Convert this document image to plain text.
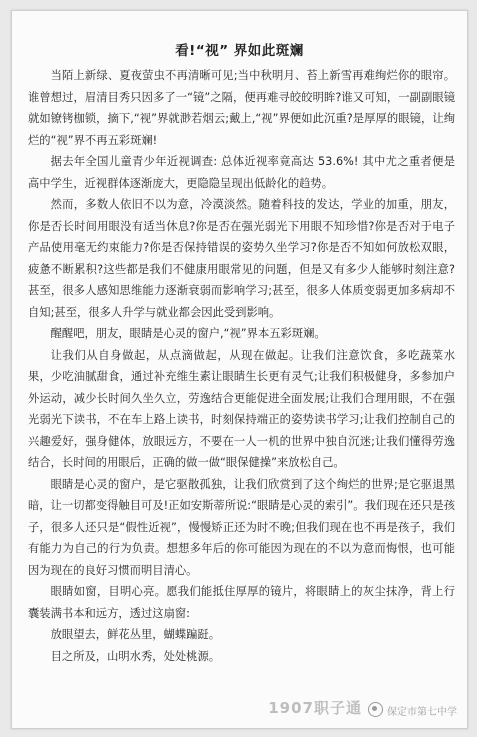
看!“视” 界如此斑斓

当陌上新绿、夏夜萤虫不再清晰可见;当中秋明月、苔上新雪再难绚烂你的眼帘。谁曾想过，眉清目秀只因多了一“镜”之隔，便再难寻皎皎明眸?谁又可知，一副副眼镜就如镣铐枷锁，摘下,“视”界就渺若烟云;戴上,“视”界便如此沉重?是厚厚的眼镜，让绚烂的“视”界不再五彩斑斓!

据去年全国儿童青少年近视调查: 总体近视率竟高达 53.6%! 其中尤之重者便是高中学生，近视群体逐渐庞大，更隐隐呈现出低龄化的趋势。

然而，多数人依旧不以为意，冷漠淡然。随着科技的发达，学业的加重，朋友，你是否长时间用眼没有适当休息?你是否在强光弱光下用眼不知珍惜?你是否对于电子产品使用毫无约束能力?你是否保持错误的姿势久坐学习?你是否不知如何放松双眼，疲惫不断累积?这些都是我们不健康用眼常见的问题，但是又有多少人能够时刻注意?甚至，很多人感知思维能力逐渐衰弱而影响学习;甚至，很多人体质变弱更加多病却不自知;甚至，很多人升学与就业都会因此受到影响。

醒醒吧，朋友，眼睛是心灵的窗户,“视”界本五彩斑斓。

让我们从自身做起，从点滴做起，从现在做起。让我们注意饮食，多吃蔬菜水果，少吃油腻甜食，通过补充维生素让眼睛生长更有灵气;让我们积极健身，多参加户外运动，减少长时间久坐久立，劳逸结合更能促进全面发展;让我们合理用眼，不在强光弱光下读书，不在车上路上读书，时刻保持端正的姿势读书学习;让我们控制自己的兴趣爱好，强身健体，放眼远方，不要在一人一机的世界中独自沉迷;让我们懂得劳逸结合，长时间的用眼后，正确的做一做“眼保健操”来放松自己。

眼睛是心灵的窗户，是它驱散孤独，让我们欣赏到了这个绚烂的世界;是它驱退黑暗，让一切都变得触目可及!正如安斯蒂所说:“眼睛是心灵的索引”。我们现在还只是孩子，很多人还只是“假性近视”，慢慢矫正还为时不晚;但我们现在也不再是孩子，我们有能力为自己的行为负责。想想多年后的你可能因为现在的不以为意而悔恨，也可能因为现在的良好习惯而明目清心。

眼睛如窗，目明心亮。愿我们能抵住厚厚的镜片，将眼睛上的灰尘抹净，背上行囊装满书本和远方，透过这扇窗:

放眼望去，鲜花丛里，蝴蝶蹁跹。

目之所及，山明水秀，处处桃源。

1907职子通	保定市第七中学
